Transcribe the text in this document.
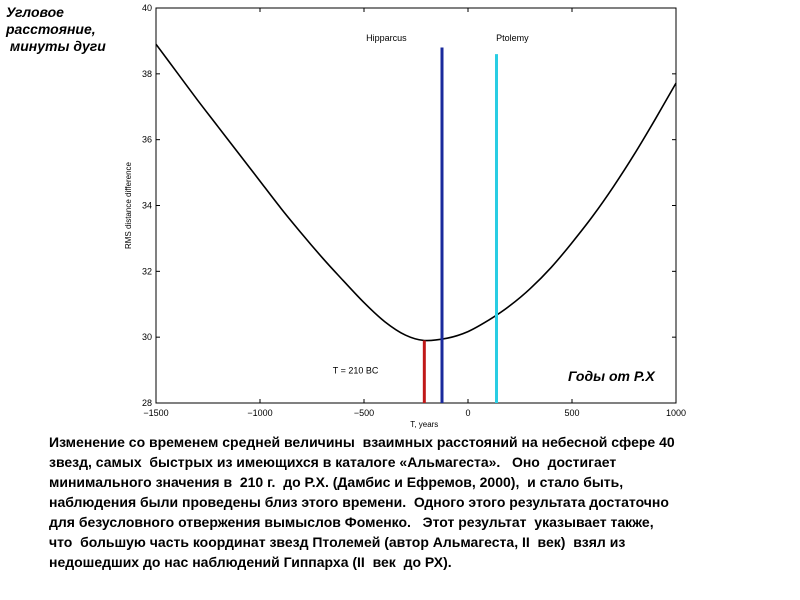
Угловое
расстояние,
минуты дуги
−1500	−1000	−500	0	500	1000
28
30
32
34
36
38
40
T, years
RMS distance difference
T = 210 BC
Hipparcus	Ptolemy
Годы от Р.Х
Изменение со временем средней величины  взаимных расстояний на небесной сфере 40
звезд, самых  быстрых из имеющихся в каталоге «Альмагеста».   Оно  достигает
минимального значения в  210 г.  до Р.Х. (Дамбис и Ефремов, 2000),  и стало быть,
наблюдения были проведены близ этого времени.  Одного этого результата достаточно
для безусловного отвержения вымыслов Фоменко.   Этот результат  указывает также,
что  большую часть координат звезд Птолемей (автор Альмагеста, II  век)  взял из
недошедших до нас наблюдений Гиппарха (II  век  до РХ).
